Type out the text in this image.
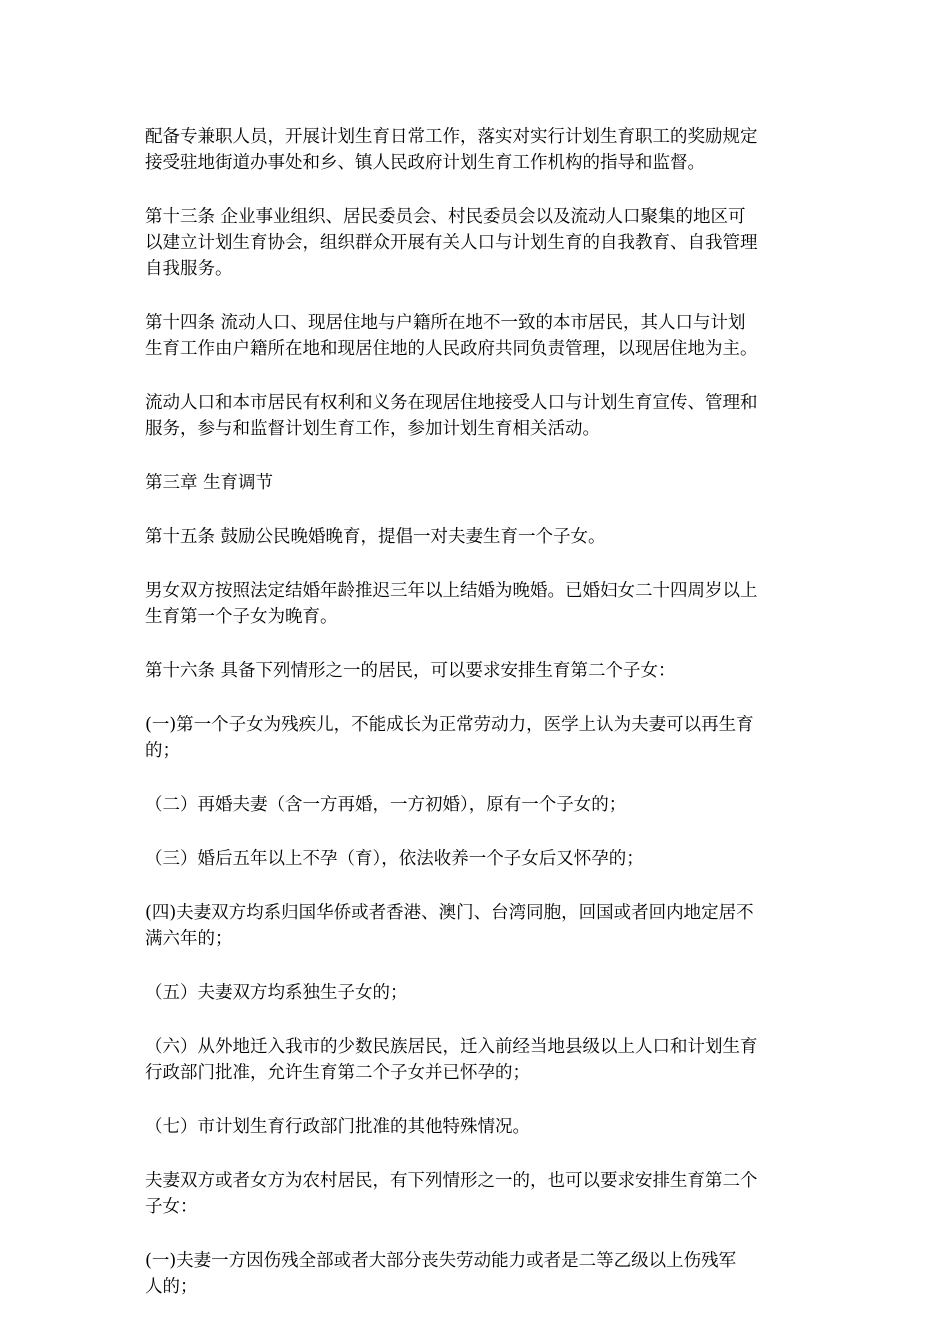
配备专兼职人员，开展计划生育日常工作，落实对实行计划生育职工的奖励规定
接受驻地街道办事处和乡、镇人民政府计划生育工作机构的指导和监督。

第十三条 企业事业组织、居民委员会、村民委员会以及流动人口聚集的地区可
以建立计划生育协会，组织群众开展有关人口与计划生育的自我教育、自我管理
自我服务。

第十四条 流动人口、现居住地与户籍所在地不一致的本市居民，其人口与计划
生育工作由户籍所在地和现居住地的人民政府共同负责管理，以现居住地为主。

流动人口和本市居民有权利和义务在现居住地接受人口与计划生育宣传、管理和
服务，参与和监督计划生育工作，参加计划生育相关活动。

第三章 生育调节

第十五条 鼓励公民晚婚晚育，提倡一对夫妻生育一个子女。

男女双方按照法定结婚年龄推迟三年以上结婚为晚婚。已婚妇女二十四周岁以上
生育第一个子女为晚育。

第十六条 具备下列情形之一的居民，可以要求安排生育第二个子女：

(一)第一个子女为残疾儿，不能成长为正常劳动力，医学上认为夫妻可以再生育
的；

（二）再婚夫妻（含一方再婚，一方初婚），原有一个子女的；

（三）婚后五年以上不孕（育），依法收养一个子女后又怀孕的；

(四)夫妻双方均系归国华侨或者香港、澳门、台湾同胞，回国或者回内地定居不
满六年的；

（五）夫妻双方均系独生子女的；

（六）从外地迁入我市的少数民族居民，迁入前经当地县级以上人口和计划生育
行政部门批准，允许生育第二个子女并已怀孕的；

（七）市计划生育行政部门批准的其他特殊情况。

夫妻双方或者女方为农村居民，有下列情形之一的，也可以要求安排生育第二个
子女：

(一)夫妻一方因伤残全部或者大部分丧失劳动能力或者是二等乙级以上伤残军
人的；
